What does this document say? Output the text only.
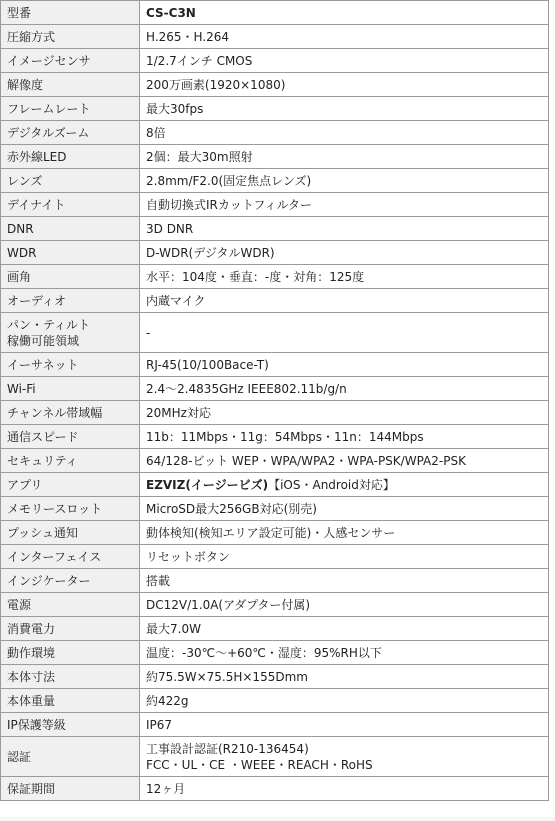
型番	CS-C3N
圧縮方式	H.265・H.264
イメージセンサ	1/2.7インチ CMOS
解像度	200万画素(1920×1080)
フレームレート	最大30fps
デジタルズーム	8倍
赤外線LED	2個：最大30m照射
レンズ	2.8mm/F2.0(固定焦点レンズ)
デイナイト	自動切換式IRカットフィルター
DNR	3D DNR
WDR	D-WDR(デジタルWDR)
画角	水平：104度・垂直：-度・対角：125度
オーディオ	内蔵マイク
パン・ティルト
稼働可能領域	-
イーサネット	RJ-45(10/100Bace-T)
Wi-Fi	2.4～2.4835GHz IEEE802.11b/g/n
チャンネル帯域幅	20MHz対応
通信スピード	11b：11Mbps・11g：54Mbps・11n：144Mbps
セキュリティ	64/128-ビット WEP・WPA/WPA2・WPA-PSK/WPA2-PSK
アプリ	EZVIZ(イージービズ)【iOS・Android対応】
メモリースロット	MicroSD最大256GB対応(別売)
プッシュ通知	動体検知(検知エリア設定可能)・人感センサー
インターフェイス	リセットボタン
インジケーター	搭載
電源	DC12V/1.0A(アダプター付属)
消費電力	最大7.0W
動作環境	温度：-30℃～+60℃・湿度：95%RH以下
本体寸法	約75.5W×75.5H×155Dmm
本体重量	約422g
IP保護等級	IP67
認証	工事設計認証(R210-136454)
FCC・UL・CE ・WEEE・REACH・RoHS
保証期間	12ヶ月
